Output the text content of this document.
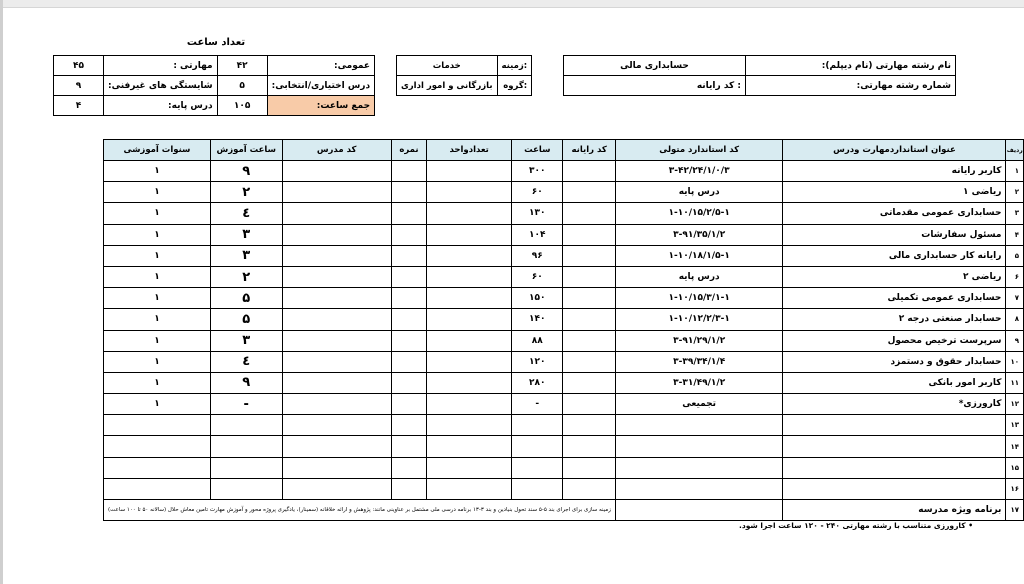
تعداد ساعت
۴۵	مهارتی :	۴۲	عمومی:
۹	شایستگی های غیرفنی:	۵	درس اختیاری/انتخابی:
۴	درس پایه:	۱۰۵	جمع ساعت:
خدمات	زمینه:
بازرگانی و امور اداری	گروه:
حسابداری مالی	نام رشته مهارتی (نام دیپلم):
کد رایانه :	شماره رشته مهارتی:
سنوات آموزشی	ساعت آموزش	کد مدرس	نمره	تعدادواحد	ساعت	کد رایانه	کد استاندارد متولی	عنوان استانداردمهارت ودرس	ردیف
۱	۹				۳۰۰		۳-۴۲/۲۴/۱/۰/۳	کاربر رایانه	۱
۱	۲				۶۰		درس پایه	ریاضی ۱	۲
۱	٤				۱۳۰		۱-۱۰/۱۵/۲/۵-۱	حسابداری عمومی مقدماتی	۳
۱	۳				۱۰۴		۳-۹۱/۳۵/۱/۲	مسئول سفارشات	۴
۱	۳				۹۶		۱-۱۰/۱۸/۱/۵-۱	رایانه کار حسابداری مالی	۵
۱	۲				۶۰		درس پایه	ریاضی ۲	۶
۱	۵				۱۵۰		۱-۱۰/۱۵/۳/۱-۱	حسابداری عمومی تکمیلی	۷
۱	۵				۱۴۰		۱-۱۰/۱۲/۲/۳-۱	حسابدار صنعتی درجه ۲	۸
۱	۳				۸۸		۳-۹۱/۲۹/۱/۲	سرپرست ترخیص محصول	۹
۱	٤				۱۲۰		۳-۳۹/۳۴/۱/۴	حسابدار حقوق و دستمزد	۱۰
۱	۹				۲۸۰		۳-۳۱/۴۹/۱/۲	کاربر امور بانکی	۱۱
۱	-				-		تجمیعی	کارورزی*	۱۲
									۱۳
									۱۴
									۱۵
									۱۶
زمینه سازی برای اجرای بند ۵-۵ سند تحول بنیادین و بند ۳-۱۳ برنامه درسی ملی مشتمل بر عناوینی مانند: پژوهش و ارائه خلاقانه (سمینار)، یادگیری پروژه محور و آموزش مهارت تامین معاش حلال (سالانه ۵۰ تا ۱۰۰ ساعت)								برنامه ویژه مدرسه	۱۷
• کارورزی متناسب با رشته مهارتی ۲۴۰ - ۱۲۰ ساعت اجرا شود.
